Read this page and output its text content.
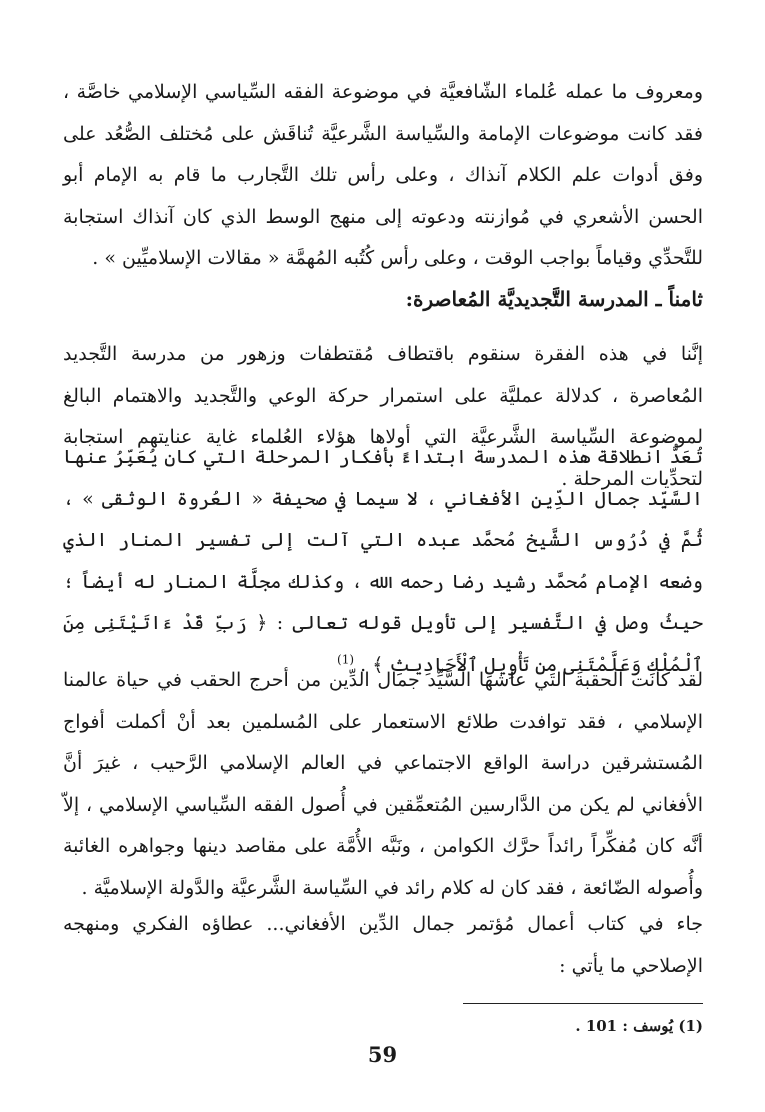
ومعروف ما عمله عُلماء الشّافعيَّة في موضوعة الفقه السِّياسي الإسلامي خاصَّة ، فقد كانت موضوعات الإمامة والسِّياسة الشَّرعيَّة تُناقَش على مُختلف الصُّعُد على وفق أدوات علم الكلام آنذاك ، وعلى رأس تلك التَّجارب ما قام به الإمام أبو الحسن الأشعري في مُوازنته ودعوته إلى منهج الوسط الذي كان آنذاك استجابة للتَّحدِّي وقياماً بواجب الوقت ، وعلى رأس كُتُبه المُهمَّة « مقالات الإسلاميِّين » .

ثامناً ـ المدرسة التَّجديديَّة المُعاصرة:

إنَّنا في هذه الفقرة سنقوم باقتطاف مُقتطفات وزهور من مدرسة التَّجديد المُعاصرة ، كدلالة عمليَّة على استمرار حركة الوعي والتَّجديد والاهتمام البالغ لموضوعة السِّياسة الشَّرعيَّة التي أولاها هؤلاء العُلماء غاية عنايتهم استجابة لتحدِّيات المرحلة .

تُعَدُّ انطلاقة هذه المدرسة ابتداءً بأفكار المرحلة التي كان يُعَبِّرُ عنها السَّيِّد جمال الدِّين الأفغاني ، لا سيما في صحيفة « العُروة الوثقى » ، ثُمَّ في دُرُوس الشَّيخ مُحمَّد عبده التي آلت إلى تفسير المنار الذي وضعه الإمام مُحمَّد رشيد رضا رحمه الله ، وكذلك مجلَّة المنار له أيضاً ؛ حيثُ وصل في التَّفسير إلى تأويل قوله تعالى : ﴿ رَبِّ قَدْ ءَاتَيْتَنِى مِنَ ٱلْمُلْكِ وَعَلَّمْتَنِى مِن تَأْوِيلِ ٱلْأَحَادِيثِ ﴾ . $^{(1)}$

لقد كانت الحقبة التي عاشها السَّيِّد جمال الدِّين من أحرج الحقب في حياة عالمنا الإسلامي ، فقد توافدت طلائع الاستعمار على المُسلمين بعد أنْ أكملت أفواج المُستشرقين دراسة الواقع الاجتماعي في العالم الإسلامي الرَّحيب ، غيرَ أنَّ الأفغاني لم يكن من الدَّارسين المُتعمِّقين في أُصول الفقه السِّياسي الإسلامي ، إلاّ أنَّه كان مُفكِّراً رائداً حرَّك الكوامن ، ونَبَّه الأُمَّة على مقاصد دينها وجواهره الغائبة وأُصوله الضّائعة ، فقد كان له كلام رائد في السِّياسة الشَّرعيَّة والدَّولة الإسلاميَّة .

جاء في كتاب أعمال مُؤتمر جمال الدِّين الأفغاني... عطاؤه الفكري ومنهجه الإصلاحي ما يأتي :

(1) يُوسف : 101 .

59
